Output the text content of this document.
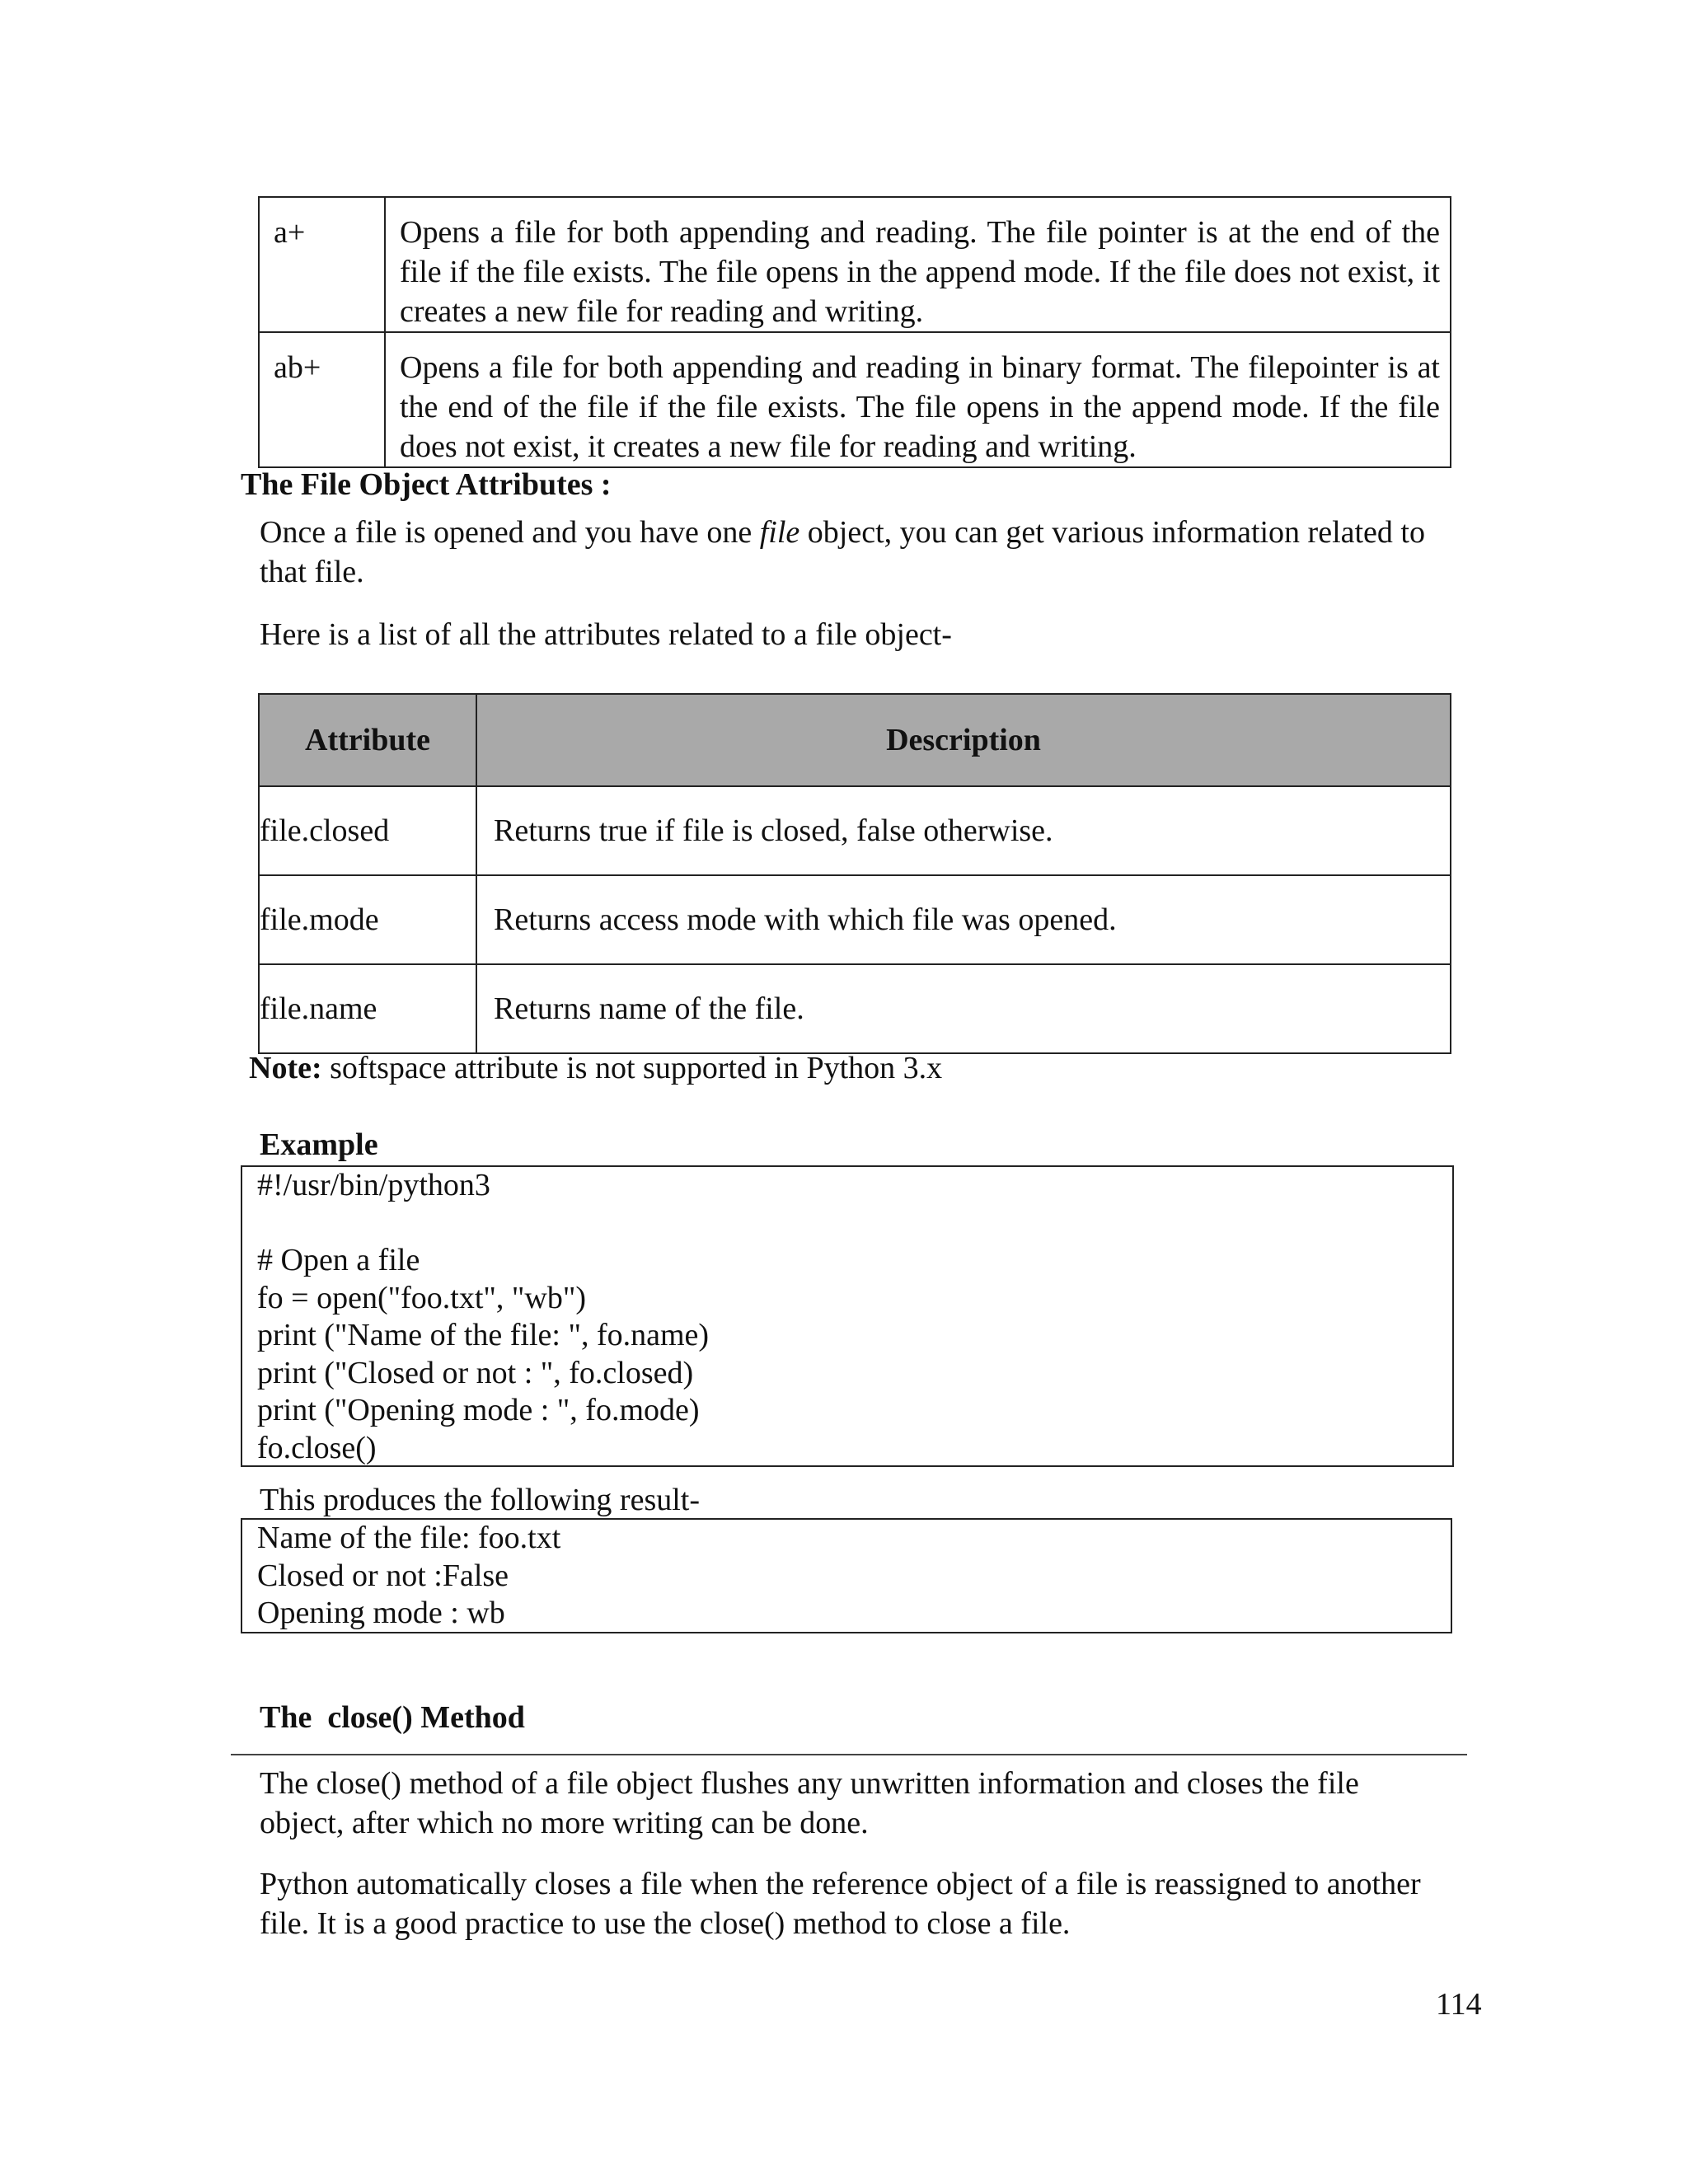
a+	Opens a file for both appending and reading. The file pointer is at the end of the file if the file exists. The file opens in the append mode. If the file does not exist, it creates a new file for reading and writing.
ab+	Opens a file for both appending and reading in binary format. The filepointer is at the end of the file if the file exists. The file opens in the append mode. If the file does not exist, it creates a new file for reading and writing.
The File Object Attributes :

Once a file is opened and you have one file object, you can get various information related to that file.

Here is a list of all the attributes related to a file object-

Attribute	Description
file.closed	Returns true if file is closed, false otherwise.
file.mode	Returns access mode with which file was opened.
file.name	Returns name of the file.

Note: softspace attribute is not supported in Python 3.x

Example
#!/usr/bin/python3
# Open a file
fo = open("foo.txt", "wb")
print ("Name of the file: ", fo.name)
print ("Closed or not : ", fo.closed)
print ("Opening mode : ", fo.mode)
fo.close()

This produces the following result-

Name of the file: foo.txt
Closed or not :False
Opening mode : wb
The  close() Method

The close() method of a file object flushes any unwritten information and closes the file object, after which no more writing can be done.

Python automatically closes a file when the reference object of a file is reassigned to another file. It is a good practice to use the close() method to close a file.

114
